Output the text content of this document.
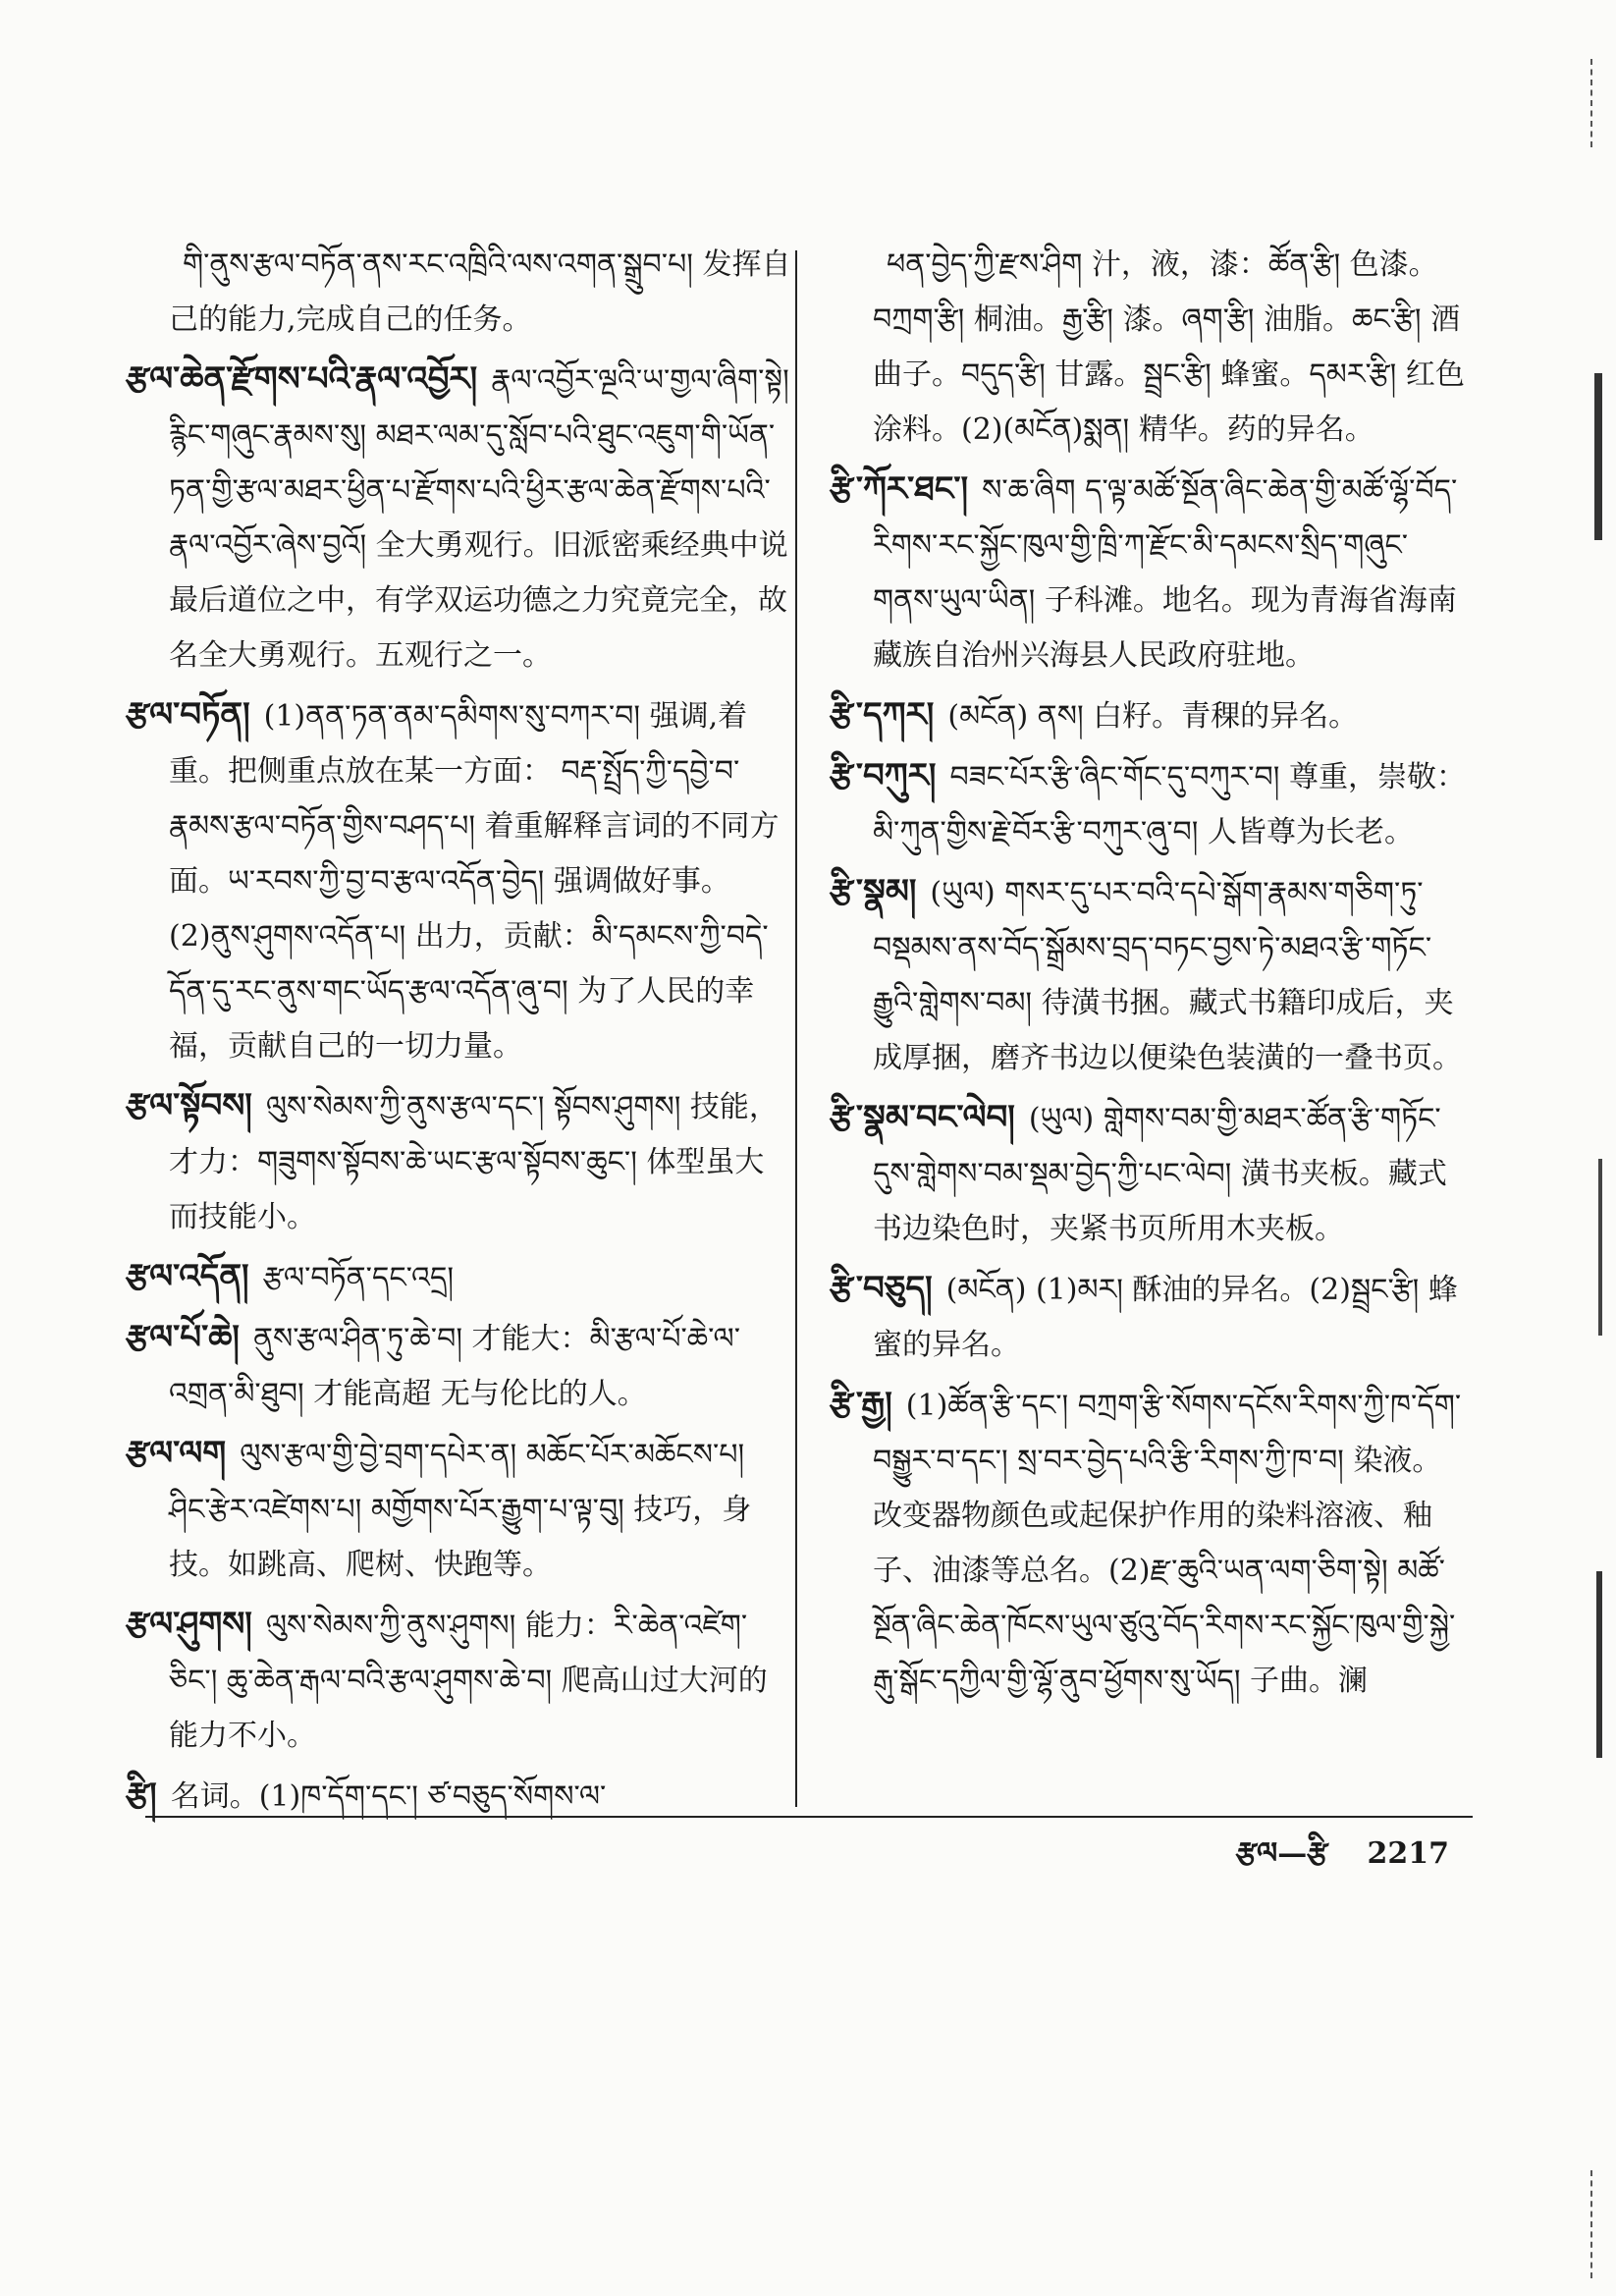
གི་ནུས་རྩལ་བཏོན་ནས་རང་འཁྲིའི་ལས་འགན་སྒྲུབ་པ། 发挥自己的能力,完成自己的任务。

རྩལ་ཆེན་རྫོགས་པའི་རྣལ་འབྱོར། རྣལ་འབྱོར་ལྔའི་ཡ་གྱལ་ཞིག་སྟེ། རྙིང་གཞུང་རྣམས་སུ། མཐར་ལམ་དུ་སློབ་པའི་ཐུང་འཇུག་གི་ཡོན་ཏན་གྱི་རྩལ་མཐར་ཕྱིན་པ་རྫོགས་པའི་ཕྱིར་རྩལ་ཆེན་རྫོགས་པའི་རྣལ་འབྱོར་ཞེས་བྱའོ། 全大勇观行。旧派密乘经典中说最后道位之中，有学双运功德之力究竟完全，故名全大勇观行。五观行之一。

རྩལ་བཏོན། (1)ནན་ཏན་ནམ་དམིགས་སུ་བཀར་བ། 强调,着重。把侧重点放在某一方面： བརྡ་སྤྲོད་ཀྱི་དབྱེ་བ་རྣམས་རྩལ་བཏོན་གྱིས་བཤད་པ། 着重解释言词的不同方面。ཡ་རབས་ཀྱི་བྱ་བ་རྩལ་འདོན་བྱེད། 强调做好事。(2)ནུས་ཤུགས་འདོན་པ། 出力，贡献：མི་དམངས་ཀྱི་བདེ་དོན་དུ་རང་ནུས་གང་ཡོད་རྩལ་འདོན་ཞུ་བ། 为了人民的幸福，贡献自己的一切力量。

རྩལ་སྟོབས། ལུས་སེམས་ཀྱི་ནུས་རྩལ་དང་། སྟོབས་ཤུགས། 技能，才力：གཟུགས་སྟོབས་ཆེ་ཡང་རྩལ་སྟོབས་ཆུང་། 体型虽大而技能小。

རྩལ་འདོན། རྩལ་བཏོན་དང་འདྲ།

རྩལ་པོ་ཆེ། ནུས་རྩལ་ཤིན་ཏུ་ཆེ་བ། 才能大：མི་རྩལ་པོ་ཆེ་ལ་འགྲན་མི་ཐུབ། 才能高超 无与伦比的人。

རྩལ་ལག ལུས་རྩལ་གྱི་བྱེ་བྲག་དཔེར་ན། མཆོང་པོར་མཆོངས་པ། ཤིང་རྩེར་འཛེགས་པ། མགྱོགས་པོར་རྒྱུག་པ་ལྟ་བུ། 技巧，身技。如跳高、爬树、快跑等。

རྩལ་ཤུགས། ལུས་སེམས་ཀྱི་ནུས་ཤུགས། 能力：རི་ཆེན་འཛེག་ཅིང་། ཆུ་ཆེན་རྒལ་བའི་རྩལ་ཤུགས་ཆེ་བ། 爬高山过大河的能力不小。

རྩི། 名词。(1)ཁ་དོག་དང་། ཙ་བཅུད་སོགས་ལ་

ཕན་བྱེད་ཀྱི་རྫས་ཤིག 汁，液，漆：ཚོན་རྩི། 色漆。བཀྲག་རྩི། 桐油。རྒྱ་རྩི། 漆。ཞག་རྩི། 油脂。ཆང་རྩི། 酒曲子。བདུད་རྩི། 甘露。སྦྲང་རྩི། 蜂蜜。དམར་རྩི། 红色涂料。(2)(མངོན)སྨན། 精华。药的异名。

རྩི་ཀོར་ཐང་། ས་ཆ་ཞིག ད་ལྟ་མཚོ་སྔོན་ཞིང་ཆེན་གྱི་མཚོ་ལྷོ་བོད་རིགས་རང་སྐྱོང་ཁུལ་གྱི་ཁྲི་ཀ་རྫོང་མི་དམངས་སྲིད་གཞུང་གནས་ཡུལ་ཡིན། 子科滩。地名。现为青海省海南藏族自治州兴海县人民政府驻地。

རྩི་དཀར། (མངོན) ནས། 白籽。青稞的异名。

རྩི་བཀུར། བཟང་པོར་རྩི་ཞིང་གོང་དུ་བཀུར་བ། 尊重，崇敬：མི་ཀུན་གྱིས་རྗེ་བོར་རྩི་བཀུར་ཞུ་བ། 人皆尊为长老。

རྩི་སྣམ། (ཡུལ) གསར་དུ་པར་བའི་དཔེ་སྒོག་རྣམས་གཅིག་ཏུ་བསྡམས་ནས་བོད་སྒྲོམས་བྲད་བཏང་བྱས་ཏེ་མཐའ་རྩི་གཏོང་རྒྱུའི་གླེགས་བམ། 待潢书捆。藏式书籍印成后，夹成厚捆，磨齐书边以便染色装潢的一叠书页。

རྩི་སྣམ་བང་ལེབ། (ཡུལ) གླེགས་བམ་གྱི་མཐར་ཚོན་རྩི་གཏོང་དུས་གླེགས་བམ་སྡམ་བྱེད་ཀྱི་པང་ལེབ། 潢书夹板。藏式书边染色时，夹紧书页所用木夹板。

རྩི་བཅུད། (མངོན) (1)མར། 酥油的异名。(2)སྦྲང་རྩི། 蜂蜜的异名。

རྩི་རྒྱ། (1)ཚོན་རྩི་དང་། བཀྲག་རྩི་སོགས་དངོས་རིགས་ཀྱི་ཁ་དོག་བསྒྱུར་བ་དང་། སྲ་བར་བྱེད་པའི་རྩི་རིགས་ཀྱི་ཁ་བ། 染液。改变器物颜色或起保护作用的染料溶液、釉子、油漆等总名。(2)རྫ་ཆུའི་ཡན་ལག་ཅིག་སྟེ། མཚོ་སྔོན་ཞིང་ཆེན་ཁོངས་ཡུལ་ཙུའུ་བོད་རིགས་རང་སྐྱོང་ཁུལ་གྱི་སྐྱེ་རྒུ་སྒོང་དཀྱིལ་གྱི་ལྷོ་ནུབ་ཕྱོགས་སུ་ཡོད། 子曲。澜

རྩལ—རྩི 2217
